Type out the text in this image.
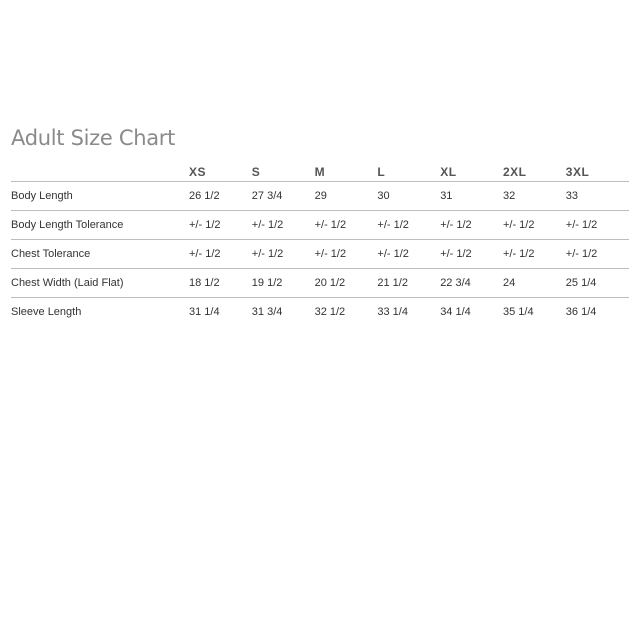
Adult Size Chart
	XS	S	M	L	XL	2XL	3XL
Body Length	26 1/2	27 3/4	29	30	31	32	33
Body Length Tolerance	+/- 1/2	+/- 1/2	+/- 1/2	+/- 1/2	+/- 1/2	+/- 1/2	+/- 1/2
Chest Tolerance	+/- 1/2	+/- 1/2	+/- 1/2	+/- 1/2	+/- 1/2	+/- 1/2	+/- 1/2
Chest Width (Laid Flat)	18 1/2	19 1/2	20 1/2	21 1/2	22 3/4	24	25 1/4
Sleeve Length	31 1/4	31 3/4	32 1/2	33 1/4	34 1/4	35 1/4	36 1/4
